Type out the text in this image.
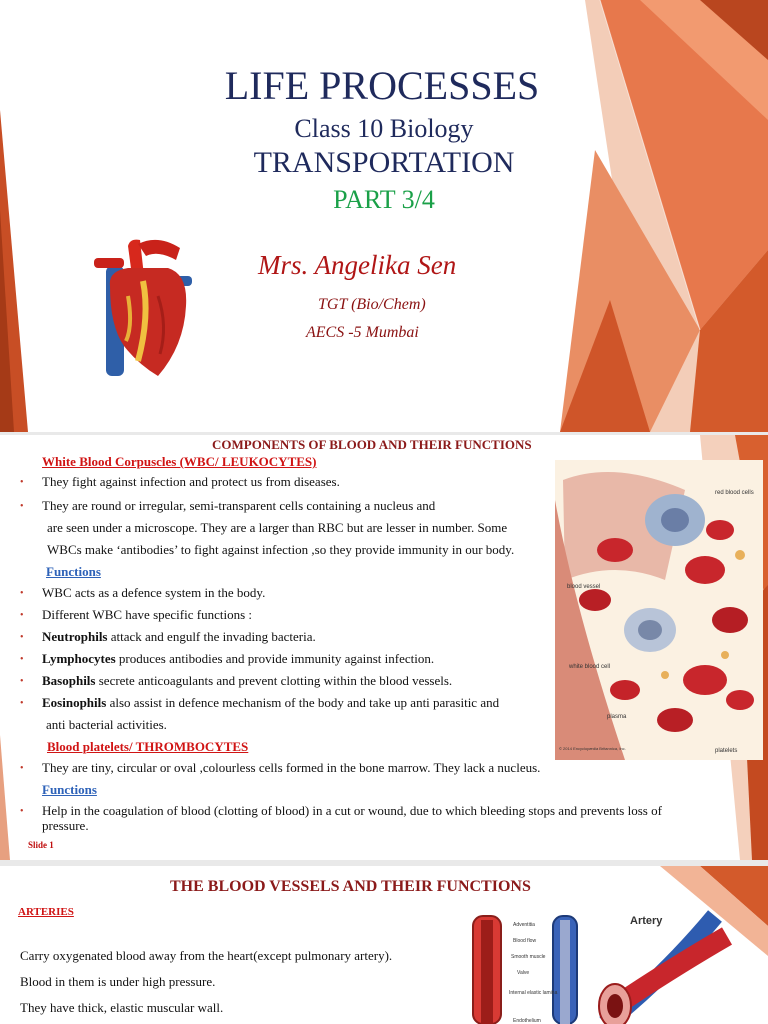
LIFE PROCESSES
Class 10 Biology
TRANSPORTATION
PART 3/4
Mrs. Angelika Sen
TGT (Bio/Chem)
AECS -5 Mumbai
COMPONENTS OF BLOOD AND THEIR FUNCTIONS
White Blood Corpuscles (WBC/ LEUKOCYTES)
• They fight against infection and protect us from diseases.
• They are round or irregular, semi-transparent cells containing a nucleus and
are seen under a microscope. They are a larger than RBC but are lesser in number. Some
WBCs make ‘antibodies’ to fight against infection ,so they provide immunity in our body.
Functions
• WBC acts as a defence system in the body.
• Different WBC have specific functions :
• Neutrophils attack and engulf the invading bacteria.
• Lymphocytes produces antibodies and provide immunity against infection.
• Basophils secrete anticoagulants and prevent clotting within the blood vessels.
• Eosinophils also assist in defence mechanism of the body and take up anti parasitic and
anti bacterial activities.
Blood platelets/ THROMBOCYTES
• They are tiny, circular or oval ,colourless cells formed in the bone marrow. They lack a nucleus.
Functions
• Help in the coagulation of blood (clotting of blood) in a cut or wound, due to which bleeding stops and prevents loss of
pressure.
Slide 1
red blood cells
blood vessel
white blood cell
plasma
platelets
© 2014 Encyclopædia Britannica, Inc.
THE BLOOD VESSELS AND THEIR FUNCTIONS
ARTERIES
Carry oxygenated blood away from the heart(except pulmonary artery).
Blood in them is under high pressure.
They have thick, elastic muscular wall.
Adventitia
Blood flow
Smooth muscle
Valve
Internal elastic lamina
Endothelium
Artery
